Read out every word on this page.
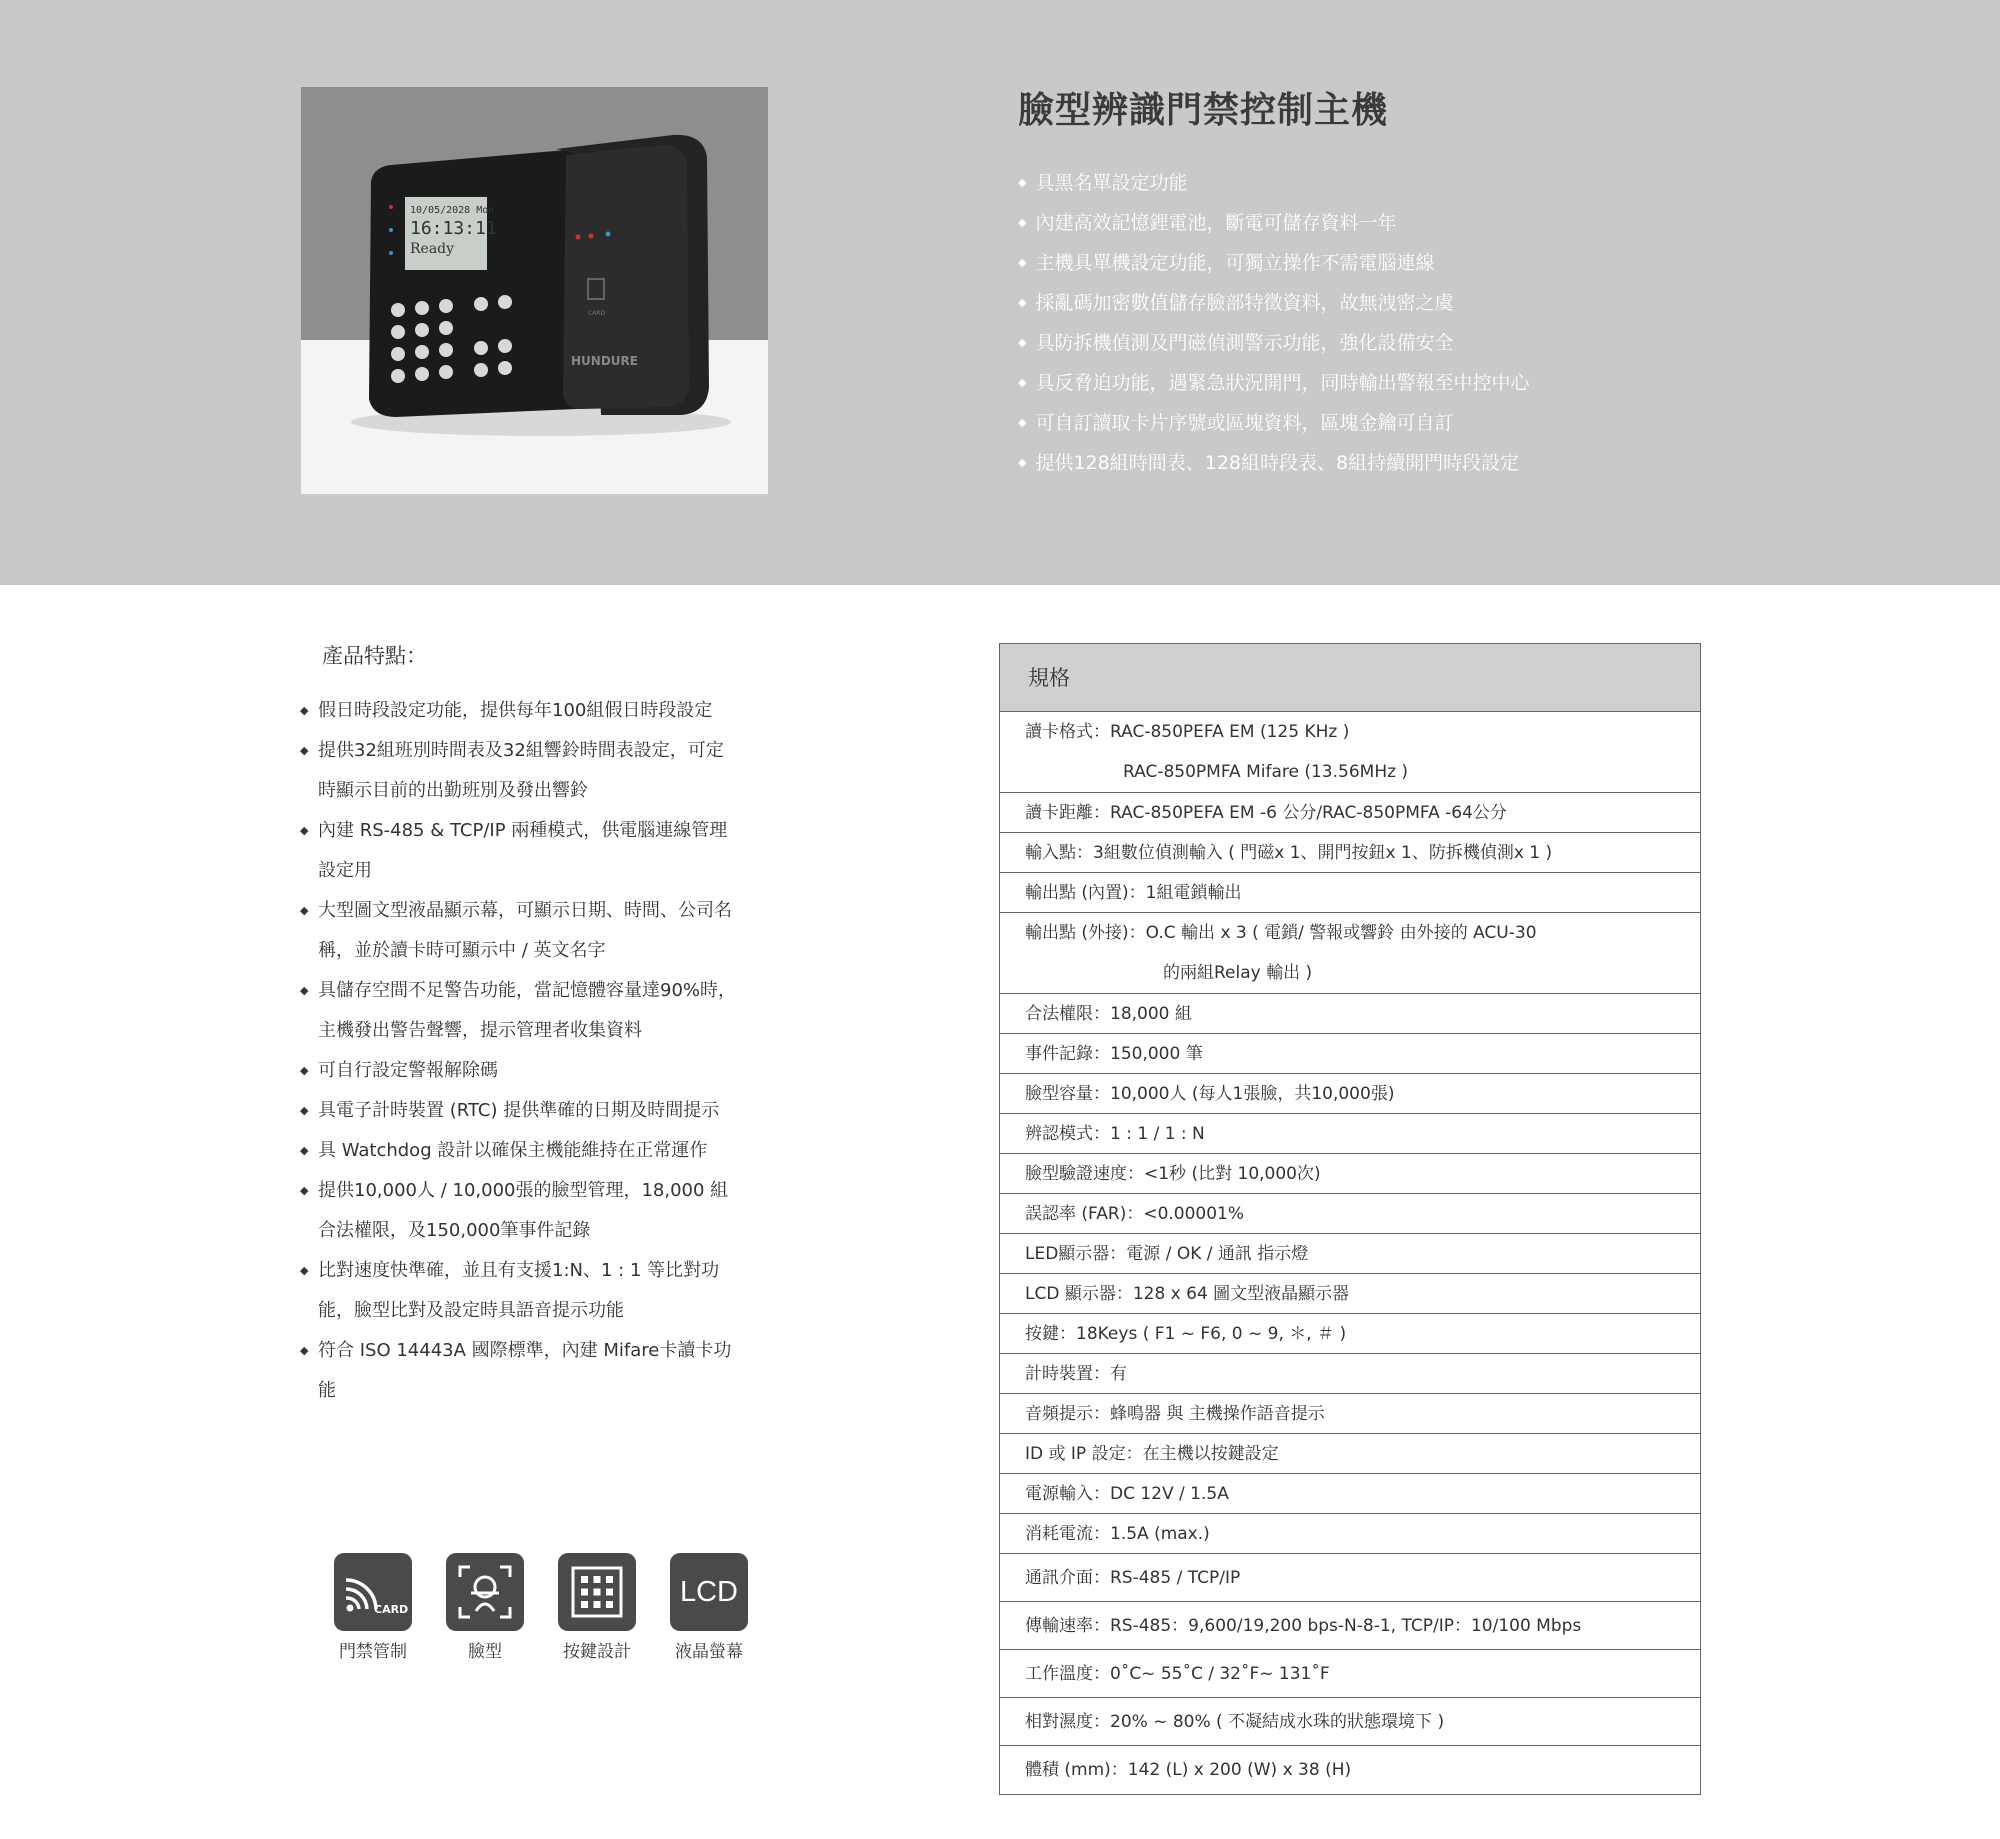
10/05/2028 Mon
16:13:11
Ready
CARD
HUNDURE
臉型辨識門禁控制主機
◆ 具黑名單設定功能
◆ 內建高效記憶鋰電池，斷電可儲存資料一年
◆ 主機具單機設定功能，可獨立操作不需電腦連線
◆ 採亂碼加密數值儲存臉部特徵資料，故無洩密之虞
◆ 具防拆機偵測及門磁偵測警示功能，強化設備安全
◆ 具反脅迫功能，遇緊急狀況開門，同時輸出警報至中控中心
◆ 可自訂讀取卡片序號或區塊資料，區塊金鑰可自訂
◆ 提供128組時間表、128組時段表、8組持續開門時段設定
產品特點：
◆ 假日時段設定功能，提供每年100組假日時段設定
◆ 提供32組班別時間表及32組響鈴時間表設定，可定時顯示目前的出勤班別及發出響鈴
◆ 內建 RS-485 & TCP/IP 兩種模式，供電腦連線管理設定用
◆ 大型圖文型液晶顯示幕，可顯示日期、時間、公司名稱，並於讀卡時可顯示中 / 英文名字
◆ 具儲存空間不足警告功能，當記憶體容量達90%時，主機發出警告聲響，提示管理者收集資料
◆ 可自行設定警報解除碼
◆ 具電子計時裝置 (RTC) 提供準確的日期及時間提示
◆ 具 Watchdog 設計以確保主機能維持在正常運作
◆ 提供10,000人 / 10,000張的臉型管理，18,000 組合法權限，及150,000筆事件記錄
◆ 比對速度快準確，並且有支援1:N、1 : 1 等比對功能，臉型比對及設定時具語音提示功能
◆ 符合 ISO 14443A 國際標準，內建 Mifare卡讀卡功能
CARD
門禁管制	臉型	按鍵設計
LCD
液晶螢幕
規格
讀卡格式：RAC-850PEFA EM (125 KHz )
RAC-850PMFA Mifare (13.56MHz )
讀卡距離：RAC-850PEFA EM -6 公分/RAC-850PMFA -64公分
輸入點：3組數位偵測輸入 ( 門磁x 1、開門按鈕x 1、防拆機偵測x 1 )
輸出點 (內置)：1組電鎖輸出
輸出點 (外接)：O.C 輸出 x 3 ( 電鎖/ 警報或響鈴 由外接的 ACU-30
的兩組Relay 輸出 )
合法權限：18,000 組
事件記錄：150,000 筆
臉型容量：10,000人 (每人1張臉，共10,000張)
辨認模式：1 : 1 / 1 : N
臉型驗證速度：<1秒 (比對 10,000次)
誤認率 (FAR)：<0.00001%
LED顯示器：電源 / OK / 通訊 指示燈
LCD 顯示器：128 x 64 圖文型液晶顯示器
按鍵：18Keys ( F1 ~ F6, 0 ~ 9, ＊, ＃ )
計時裝置：有
音頻提示：蜂鳴器 與 主機操作語音提示
ID 或 IP 設定：在主機以按鍵設定
電源輸入：DC 12V / 1.5A
消耗電流：1.5A (max.)
通訊介面：RS-485 / TCP/IP
傳輸速率：RS-485：9,600/19,200 bps-N-8-1, TCP/IP：10/100 Mbps
工作溫度：0˚C~ 55˚C / 32˚F~ 131˚F
相對濕度：20% ~ 80% ( 不凝結成水珠的狀態環境下 )
體積 (mm)：142 (L) x 200 (W) x 38 (H)
